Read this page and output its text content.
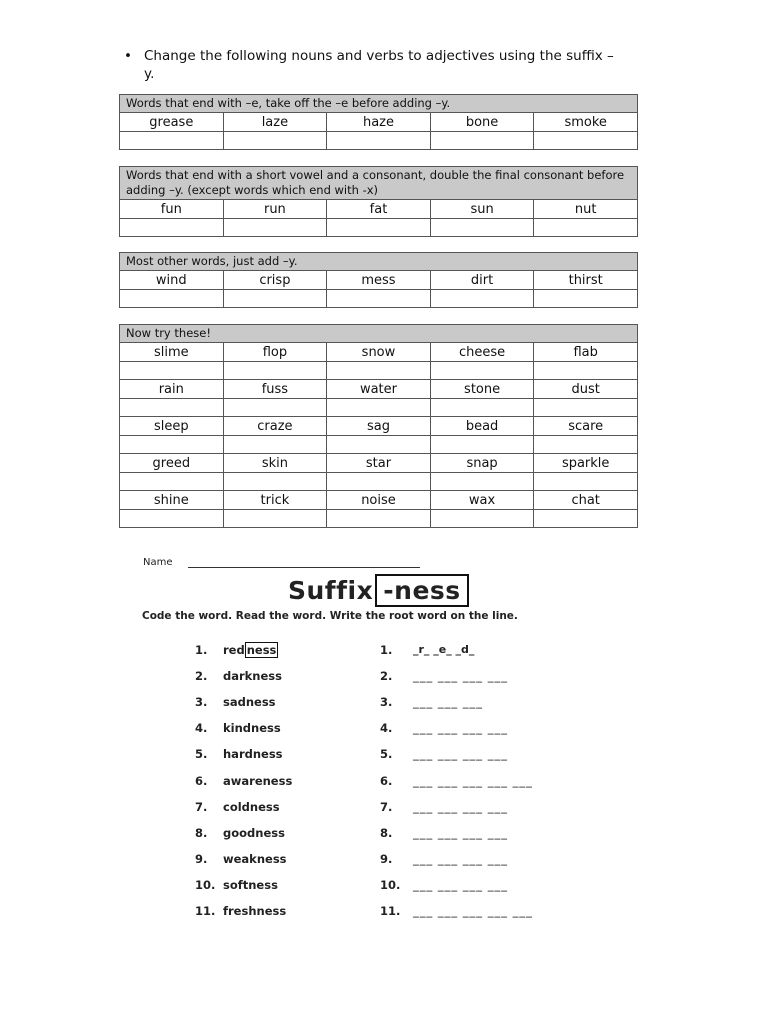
• Change the following nouns and verbs to adjectives using the suffix –y.
Words that end with –e, take off the –e before adding –y.				
grease	laze	haze	bone	smoke

Words that end with a short vowel and a consonant, double the final consonant before adding –y. (except words which end with -x)				
fun	run	fat	sun	nut

Most other words, just add –y.				
wind	crisp	mess	dirt	thirst

Now try these!				
slime	flop	snow	cheese	flab

rain	fuss	water	stone	dust

sleep	craze	sag	bead	scare

greed	skin	star	snap	sparkle

shine	trick	noise	wax	chat

Name
Suffix -ness
Code the word. Read the word. Write the root word on the line.
1. red ness	1. _r_ _e_ _d_
2. darkness	2. ___ ___ ___ ___
3. sadness	3. ___ ___ ___
4. kindness	4. ___ ___ ___ ___
5. hardness	5. ___ ___ ___ ___
6. awareness	6. ___ ___ ___ ___ ___
7. coldness	7. ___ ___ ___ ___
8. goodness	8. ___ ___ ___ ___
9. weakness	9. ___ ___ ___ ___
10. softness	10. ___ ___ ___ ___
11. freshness	11. ___ ___ ___ ___ ___
